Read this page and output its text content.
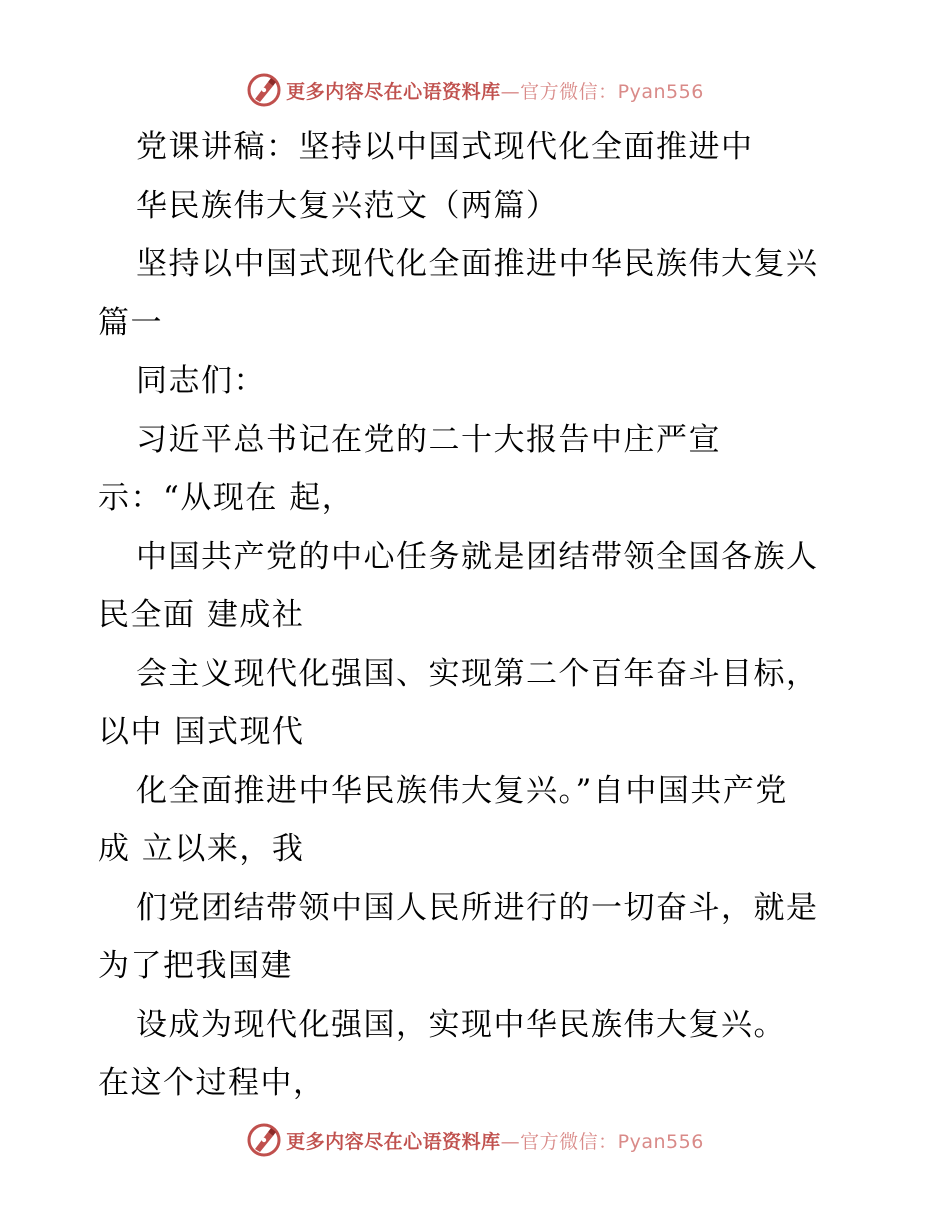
更多内容尽在心语资料库—官方微信：Pyan556
党课讲稿：坚持以中国式现代化全面推进中
华民族伟大复兴范文（两篇）
坚持以中国式现代化全面推进中华民族伟大复兴
篇一
同志们：
习近平总书记在党的二十大报告中庄严宣
示：“从现在 起，
中国共产党的中心任务就是团结带领全国各族人
民全面 建成社
会主义现代化强国、实现第二个百年奋斗目标，
以中 国式现代
化全面推进中华民族伟大复兴。”自中国共产党
成 立以来，我
们党团结带领中国人民所进行的一切奋斗，就是
为了把我国建
设成为现代化强国，实现中华民族伟大复兴。
在这个过程中，
更多内容尽在心语资料库—官方微信：Pyan556
